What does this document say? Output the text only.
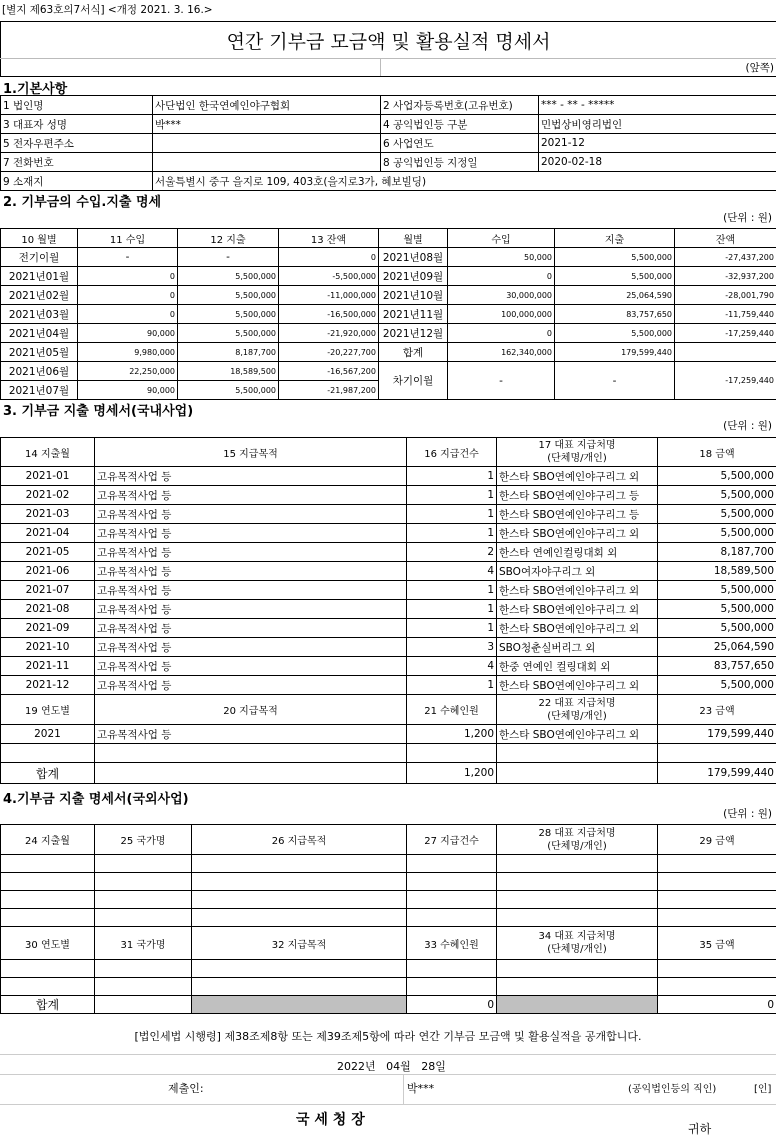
[별지 제63호의7서식] <개정 2021. 3. 16.>
연간 기부금 모금액 및 활용실적 명세서
	(앞쪽)
1.기본사항
1 법인명	사단법인 한국연예인야구협회	2 사업자등록번호(고유번호)	*** - ** - *****
3 대표자 성명	박***	4 공익법인등 구분	민법상비영리법인
5 전자우편주소		6 사업연도	2021-12
7 전화번호		8 공익법인등 지정일	2020-02-18
9 소재지	서울특별시 중구 을지로 109, 403호(을지로3가, 혜보빌딩)		
2. 기부금의 수입.지출 명세
(단위 : 원)
10 월별	11 수입	12 지출	13 잔액	월별	수입	지출	잔액
전기이월	-	-	0	2021년08월	50,000	5,500,000	-27,437,200
2021년01월	0	5,500,000	-5,500,000	2021년09월	0	5,500,000	-32,937,200
2021년02월	0	5,500,000	-11,000,000	2021년10월	30,000,000	25,064,590	-28,001,790
2021년03월	0	5,500,000	-16,500,000	2021년11월	100,000,000	83,757,650	-11,759,440
2021년04월	90,000	5,500,000	-21,920,000	2021년12월	0	5,500,000	-17,259,440
2021년05월	9,980,000	8,187,700	-20,227,700	합계	162,340,000	179,599,440	
2021년06월	22,250,000	18,589,500	-16,567,200	차기이월	-	-	-17,259,440
2021년07월	90,000	5,500,000	-21,987,200				
3. 기부금 지출 명세서(국내사업)
(단위 : 원)
14 지출월	15 지급목적	16 지급건수	17 대표 지급처명
(단체명/개인)	18 금액
2021-01	고유목적사업 등	1	한스타 SBO연예인야구리그 외	5,500,000
2021-02	고유목적사업 등	1	한스타 SBO연예인야구리그 등	5,500,000
2021-03	고유목적사업 등	1	한스타 SBO연예인야구리그 등	5,500,000
2021-04	고유목적사업 등	1	한스타 SBO연예인야구리그 외	5,500,000
2021-05	고유목적사업 등	2	한스타 연예인컬링대회 외	8,187,700
2021-06	고유목적사업 등	4	SBO여자야구리그 외	18,589,500
2021-07	고유목적사업 등	1	한스타 SBO연예인야구리그 외	5,500,000
2021-08	고유목적사업 등	1	한스타 SBO연예인야구리그 외	5,500,000
2021-09	고유목적사업 등	1	한스타 SBO연예인야구리그 외	5,500,000
2021-10	고유목적사업 등	3	SBO청춘실버리그 외	25,064,590
2021-11	고유목적사업 등	4	한중 연예인 컬링대회 외	83,757,650
2021-12	고유목적사업 등	1	한스타 SBO연예인야구리그 외	5,500,000
19 연도별	20 지급목적	21 수혜인원	22 대표 지급처명
(단체명/개인)	23 금액
2021	고유목적사업 등	1,200	한스타 SBO연예인야구리그 외	179,599,440

합계		1,200		179,599,440
4.기부금 지출 명세서(국외사업)
(단위 : 원)
24 지출월	25 국가명	26 지급목적	27 지급건수	28 대표 지급처명
(단체명/개인)	29 금액

30 연도별	31 국가명	32 지급목적	33 수혜인원	34 대표 지급처명
(단체명/개인)	35 금액

합계			0		0
[법인세법 시행령] 제38조제8항 또는 제39조제5항에 따라 연간 기부금 모금액 및 활용실적을 공개합니다.
2022년   04월   28일
제출인:	박***	(공익법인등의 직인)	[인]
국 세 청 장
귀하
